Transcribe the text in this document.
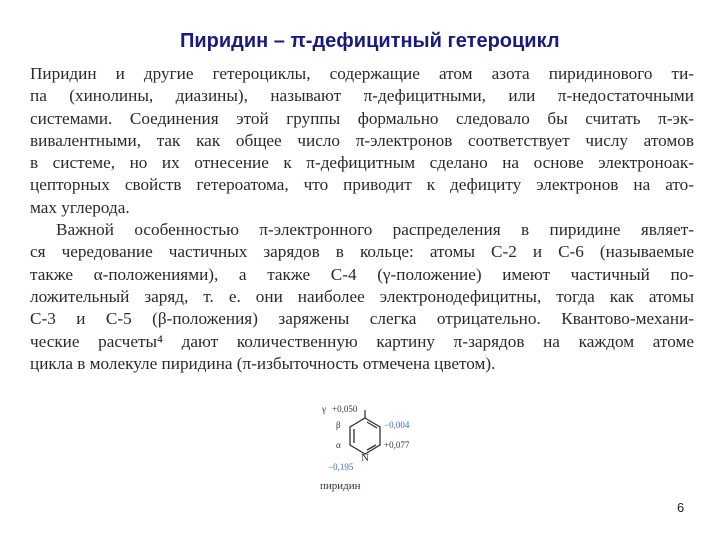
Пиридин – π-дефицитный гетероцикл

Пиридин и другие гетероциклы, содержащие атом азота пиридинового ти-
па (хинолины, диазины), называют π-дефицитными, или π-недостаточными
системами. Соединения этой группы формально следовало бы считать π-эк-
вивалентными, так как общее число π-электронов соответствует числу атомов
в системе, но их отнесение к π-дефицитным сделано на основе электроноак-
цепторных свойств гетероатома, что приводит к дефициту электронов на ато-
мах углерода.

Важной особенностью π-электронного распределения в пиридине являет-
ся чередование частичных зарядов в кольце: атомы С-2 и С-6 (называемые
также α-положениями), а также С-4 (γ-положение) имеют частичный по-
ложительный заряд, т. е. они наиболее электронодефицитны, тогда как атомы
С-3 и С-5 (β-положения) заряжены слегка отрицательно. Квантово-механи-
ческие расчеты⁴ дают количественную картину π-зарядов на каждом атоме
цикла в молекуле пиридина (π-избыточность отмечена цветом).

γ +0,050
β	−0,004
α	+0,077
N
−0,195
пиридин
6
